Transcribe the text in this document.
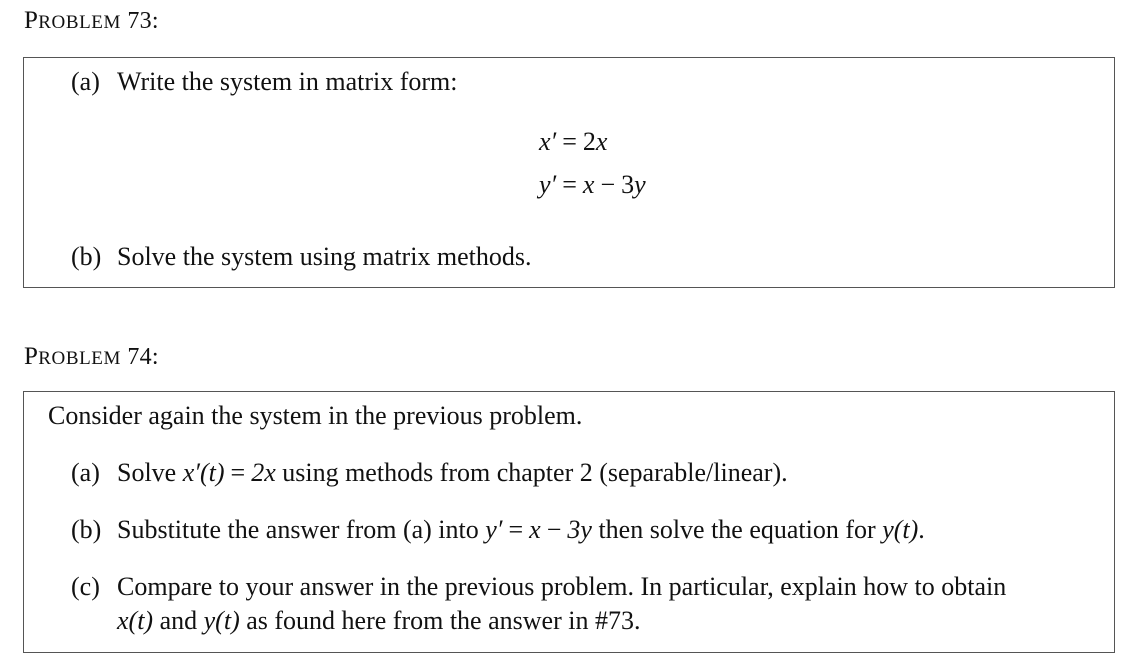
PROBLEM 73:
(a) Write the system in matrix form:
x′ = 2x
y′ = x − 3y
(b) Solve the system using matrix methods.
PROBLEM 74:
Consider again the system in the previous problem.
(a) Solve x′(t) = 2x using methods from chapter 2 (separable/linear).
(b) Substitute the answer from (a) into y′ = x − 3y then solve the equation for y(t).
(c) Compare to your answer in the previous problem. In particular, explain how to obtain
x(t) and y(t) as found here from the answer in #73.
